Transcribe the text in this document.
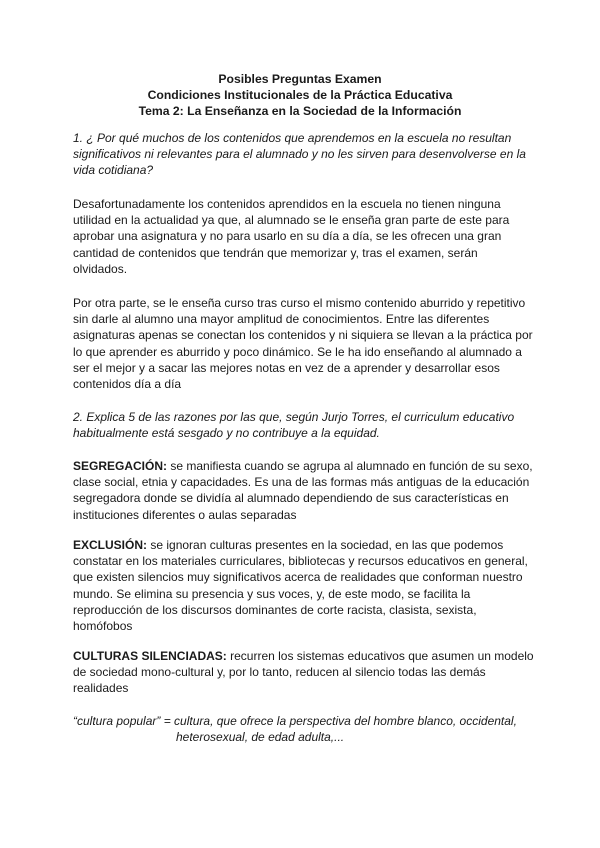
Posibles Preguntas Examen
Condiciones Institucionales de la Práctica Educativa
Tema 2: La Enseñanza en la Sociedad de la Información

1. ¿ Por qué muchos de los contenidos que aprendemos en la escuela no resultan significativos ni relevantes para el alumnado y no les sirven para desenvolverse en la vida cotidiana?

Desafortunadamente los contenidos aprendidos en la escuela no tienen ninguna utilidad en la actualidad ya que, al alumnado se le enseña gran parte de este para aprobar una asignatura y no para usarlo en su día a día, se les ofrecen una gran cantidad de contenidos que tendrán que memorizar y, tras el examen, serán olvidados.

Por otra parte, se le enseña curso tras curso el mismo contenido aburrido y repetitivo sin darle al alumno una mayor amplitud de conocimientos. Entre las diferentes asignaturas apenas se conectan los contenidos y ni siquiera se llevan a la práctica por lo que aprender es aburrido y poco dinámico. Se le ha ido enseñando al alumnado a ser el mejor y a sacar las mejores notas en vez de a aprender y desarrollar esos contenidos día a día

2. Explica 5 de las razones por las que, según Jurjo Torres, el curriculum educativo habitualmente está sesgado y no contribuye a la equidad.

SEGREGACIÓN: se manifiesta cuando se agrupa al alumnado en función de su sexo, clase social, etnia y capacidades. Es una de las formas más antiguas de la educación segregadora donde se dividía al alumnado dependiendo de sus características en instituciones diferentes o aulas separadas

EXCLUSIÓN: se ignoran culturas presentes en la sociedad, en las que podemos constatar en los materiales curriculares, bibliotecas y recursos educativos en general, que existen silencios muy significativos acerca de realidades que conforman nuestro mundo. Se elimina su presencia y sus voces, y, de este modo, se facilita la reproducción de los discursos dominantes de corte racista, clasista, sexista, homófobos

CULTURAS SILENCIADAS: recurren los sistemas educativos que asumen un modelo de sociedad mono-cultural y, por lo tanto, reducen al silencio todas las demás realidades

“cultura popular” = cultura, que ofrece la perspectiva del hombre blanco, occidental,
heterosexual, de edad adulta,...
